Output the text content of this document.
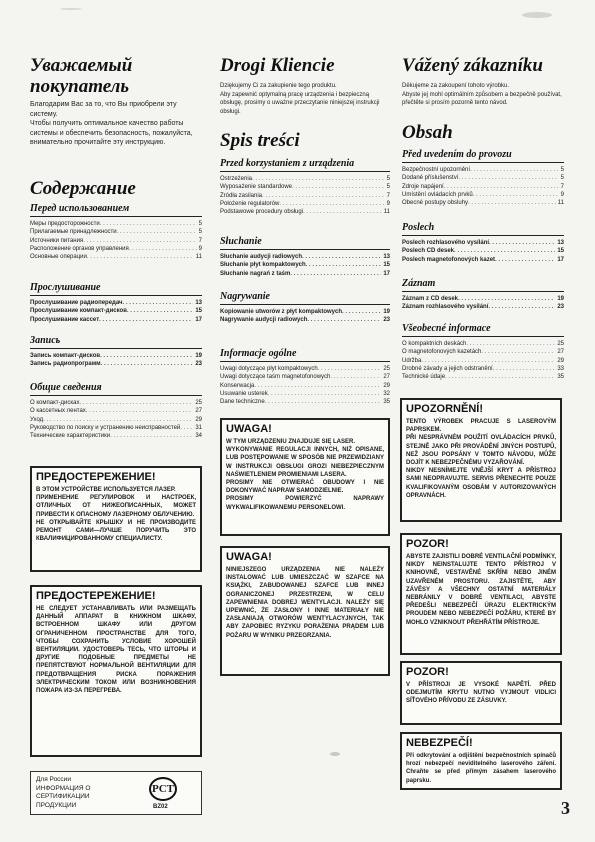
Уважаемый покупатель
Благодарим Вас за то, что Вы приобрели эту систему.
Чтобы получить оптимальное качество работы системы и обеспечить безопасность, пожалуйста, внимательно прочитайте эту инструкцию.
Содержание
Перед использованием
Меры предосторожности . . .	5
Прилагаемые принадлежности . . .	5
Источники питания . . .	7
Расположение органов управления . . .	9
Основные операции . . .	11
Прослушивание
Прослушивание радиопередач . . .	13
Прослушивание компакт-дисков . . .	15
Прослушивание кассет . . .	17
Запись
Запись компакт-дисков . . .	19
Запись радиопрограмм . . .	23
Общие сведения
О компакт-дисках . . .	25
О кассетных лентах . . .	27
Уход . . .	29
Руководство по поиску и устранению неисправностей . . .	31
Технические характеристики . . .	34
ПРЕДОСТЕРЕЖЕНИЕ!
В ЭТОМ УСТРОЙСТВЕ ИСПОЛЬЗУЕТСЯ ЛАЗЕР.
ПРИМЕНЕНИЕ РЕГУЛИРОВОК И НАСТРОЕК, ОТЛИЧНЫХ ОТ НИЖЕОПИСАННЫХ, МОЖЕТ ПРИВЕСТИ К ОПАСНОМУ ЛАЗЕРНОМУ ОБЛУЧЕНИЮ.
НЕ ОТКРЫВАЙТЕ КРЫШКУ И НЕ ПРОИЗВОДИТЕ РЕМОНТ САМИ—ЛУЧШЕ ПОРУЧИТЬ ЭТО КВАЛИФИЦИРОВАННОМУ СПЕЦИАЛИСТУ.
ПРЕДОСТЕРЕЖЕНИЕ!
НЕ СЛЕДУЕТ УСТАНАВЛИВАТЬ ИЛИ РАЗМЕЩАТЬ ДАННЫЙ АППАРАТ В КНИЖНОМ ШКАФУ, ВСТРОЕННОМ ШКАФУ ИЛИ ДРУГОМ ОГРАНИЧЕННОМ ПРОСТРАНСТВЕ ДЛЯ ТОГО, ЧТОБЫ СОХРАНИТЬ УСЛОВИЕ ХОРОШЕЙ ВЕНТИЛЯЦИИ. УДОСТОВЕРЬ ТЕСЬ, ЧТО ШТОРЫ И ДРУГИЕ ПОДОБНЫЕ ПРЕДМЕТЫ НЕ ПРЕПЯТСТВУЮТ НОРМАЛЬНОЙ ВЕНТИЛЯЦИИ ДЛЯ ПРЕДОТВРАЩЕНИЯ РИСКА ПОРАЖЕНИЯ ЭЛЕКТРИЧЕСКИМ ТОКОМ ИЛИ ВОЗНИКНОВЕНИЯ ПОЖАРА ИЗ-ЗА ПЕРЕГРЕВА.
Для России
ИНФОРМАЦИЯ О СЕРТИФИКАЦИИ ПРОДУКЦИИ
PCT
BZ02
Drogi Kliencie
Dziękujemy Ci za zakupienie tego produktu.
Aby zapewnić optymalną pracę urządzenia i bezpieczną obsługę, prosimy o uważne przeczytanie niniejszej instrukcji obsługi.
Spis treści
Przed korzystaniem z urządzenia
Ostrzeżenia . . .	5
Wyposażenie standardowe . . .	5
Źródła zasilania . . .	7
Położenie regulatorów . . .	9
Podstawowe procedury obsługi . . .	11
Słuchanie
Słuchanie audycji radiowych . . .	13
Słuchanie płyt kompaktowych . . .	15
Słuchanie nagrań z taśm . . .	17
Nagrywanie
Kopiowanie utworów z płyt kompaktowych . . .	19
Nagrywanie audycji radiowych . . .	23
Informacje ogólne
Uwagi dotyczące płyt kompaktowych . . .	25
Uwagi dotyczące taśm magnetofonowych . . .	27
Konserwacja . . .	29
Usuwanie usterek . . .	32
Dane techniczne . . .	35
UWAGA!
W TYM URZĄDZENIU ZNAJDUJE SIĘ LASER.
WYKONYWANIE REGULACJI INNYCH, NIŻ OPISANE, LUB POSTĘPOWANIE W SPOSÓB NIE PRZEWIDZIANY W INSTRUKCJI OBSŁUGI GROZI NIEBEZPIECZNYM NAŚWIETLENIEM PROMIENIAMI LASERA.
PROSIMY NIE OTWIERAĆ OBUDOWY I NIE DOKONYWAĆ NAPRAW SAMODZIELNIE.
PROSIMY POWIERZYĆ NAPRAWY WYKWALIFIKOWANEMU PERSONELOWI.
UWAGA!
NINIEJSZEGO URZĄDZENIA NIE NALEŻY INSTALOWAĆ LUB UMIESZCZAĆ W SZAFCE NA KSIĄŻKI, ZABUDOWANEJ SZAFCE LUB INNEJ OGRANICZONEJ PRZESTRZENI, W CELU ZAPEWNIENIA DOBREJ WENTYLACJI. NALEŻY SIĘ UPEWNIĆ, ŻE ZASŁONY I INNE MATERIAŁY NIE ZASŁANIAJĄ OTWORÓW WENTYLACYJNYCH, TAK ABY ZAPOBIEC RYZYKU PORAŻENIA PRĄDEM LUB POŻARU W WYNIKU PRZEGRZANIA.
Vážený zákazníku
Děkujeme za zakoupení tohoto výrobku.
Abyste jej mohl optimálním způsobem a bezpečně používat, přečtěte si prosím pozorně tento návod.
Obsah
Před uvedením do provozu
Bezpečnostní upozornění . . .	5
Dodané příslušenství . . .	5
Zdroje napájení . . .	7
Umístění ovládacích prvků . . .	9
Obecné postupy obsluhy . . .	11
Poslech
Poslech rozhlasového vysílání . . .	13
Poslech CD desek . . .	15
Poslech magnetofonových kazet . . .	17
Záznam
Záznam z CD desek . . .	19
Záznam rozhlasového vysílání . . .	23
Všeobecné informace
O kompaktních deskách . . .	25
O magnetofonových kazetách . . .	27
Údržba . . .	29
Drobné závady a jejich odstranění . . .	33
Technické údaje . . .	35
UPOZORNĚNÍ!
TENTO VÝROBEK PRACUJE S LASEROVÝM PAPRSKEM.
PŘI NESPRÁVNÉM POUŽITÍ OVLÁDACÍCH PRVKŮ, STEJNĚ JAKO PŘI PROVÁDĚNÍ JINÝCH POSTUPŮ, NEŽ JSOU POPSÁNY V TOMTO NÁVODU, MŮŽE DOJÍT K NEBEZPEČNÉMU VYZAŘOVÁNÍ.
NIKDY NESNÍMEJTE VNĚJŠÍ KRYT A PŘÍSTROJ SAMI NEOPRAVUJTE. SERVIS PŘENECHTE POUZE KVALIFIKOVANÝM OSOBÁM V AUTORIZOVANÝCH OPRAVNÁCH.
POZOR!
ABYSTE ZAJISTILI DOBRÉ VENTILAČNÍ PODMÍNKY, NIKDY NEINSTALUJTE TENTO PŘÍSTROJ V KNIHOVNĚ, VESTAVĚNÉ SKŘÍNI NEBO JINÉM UZAVŘENÉM PROSTORU. ZAJISTĚTE, ABY ZÁVĚSY A VŠECHNY OSTATNÍ MATERIÁLY NEBRÁNILY V DOBRÉ VENTILACI, ABYSTE PŘEDEŠLI NEBEZPEČÍ ÚRAZU ELEKTRICKÝM PROUDEM NEBO NEBEZPEČÍ POŽÁRU, KTERÉ BY MOHLO VZNIKNOUT PŘEHŘÁTÍM PŘÍSTROJE.
POZOR!
V PŘÍSTROJI JE VYSOKÉ NAPĚTÍ. PŘED ODEJMUTÍM KRYTU NUTNO VYJMOUT VIDLICI SÍŤOVÉHO PŘÍVODU ZE ZÁSUVKY.
NEBEZPEČÍ!
Při odkrytování a odjištění bezpečnostních spínačů hrozí nebezpečí neviditelného laserového záření. Chraňte se před přímým zásahem laserového paprsku.
3
